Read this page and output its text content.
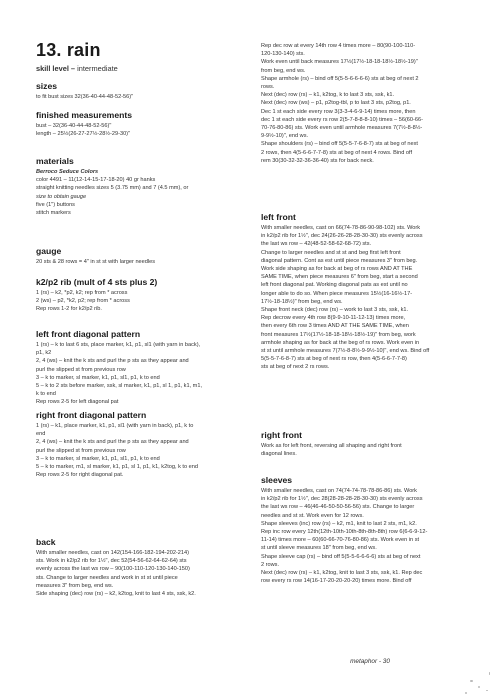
13. rain
skill level – intermediate
sizes
to fit bust sizes 32(36-40-44-48-52-56)"
finished measurements
bust – 32(36-40-44-48-52-56)"
length – 25½(26-27-27½-28½-29-30)"
materials
Berroco Seduce Colors
color 4491 – 11(12-14-15-17-18-20) 40 gr hanks
straight knitting needles sizes 5 (3.75 mm) and 7 (4.5 mm), or
size to obtain gauge
five (1") buttons
stitch markers
gauge
20 sts & 28 rows = 4" in st st with larger needles
k2/p2 rib (mult of 4 sts plus 2)
1 (rs) – k2, *p2, k2; rep from * across
2 (ws) – p2, *k2, p2; rep from * across
Rep rows 1-2 for k2/p2 rib.
left front diagonal pattern
1 (rs) – k to last 6 sts, place marker, k1, p1, sl1 (with yarn in back),
p1, k2
2, 4 (ws) – knit the k sts and purl the p sts as they appear and
purl the slipped st from previous row
3 – k to marker, sl marker, k1, p1, sl1, p1, k to end
5 – k to 2 sts before marker, ssk, sl marker, k1, p1, sl 1, p1, k1, m1,
k to end
Rep rows 2-5 for left diagonal pat
right front diagonal pattern
1 (rs) – k1, place marker, k1, p1, sl1 (with yarn in back), p1, k to
end
2, 4 (ws) – knit the k sts and purl the p sts as they appear and
purl the slipped st from previous row
3 – k to marker, sl marker, k1, p1, sl1, p1, k to end
5 – k to marker, m1, sl marker, k1, p1, sl 1, p1, k1, k2tog, k to end
Rep rows 2-5 for right diagonal pat.
back
With smaller needles, cast on 142(154-166-182-194-202-214)
sts. Work in k2/p2 rib for 1½", dec 52(54-56-62-64-62-64) sts
evenly across the last ws row – 90(100-110-120-130-140-150)
sts. Change to larger needles and work in st st until piece
measures 3" from beg, end ws.
Side shaping (dec) row (rs) – k2, k2tog, knit to last 4 sts, ssk, k2.
Rep dec row at every 14th row 4 times more – 80(90-100-110-
120-130-140) sts.
Work even until back measures 17½(17½-18-18-18½-18½-19)"
from beg, end ws.
Shape armhole (rs) – bind off 5(5-5-6-6-6-6) sts at beg of next 2
rows.
Next (dec) row (rs) – k1, k2tog, k to last 3 sts, ssk, k1.
Next (dec) row (ws) – p1, p2tog-tbl, p to last 3 sts, p2tog, p1.
Dec 1 st each side every row 3(3-3-4-6-9-14) times more, then
dec 1 st each side every rs row 2(5-7-8-8-8-10) times – 56(60-66-
70-76-80-86) sts. Work even until armhole measures 7(7½-8-8½-
9-9½-10)", end ws.
Shape shoulders (rs) – bind off 5(5-5-7-6-8-7) sts at beg of next
2 rows, then 4(5-6-6-7-7-8) sts at beg of next 4 rows. Bind off
rem 30(30-32-32-36-36-40) sts for back neck.
left front
With smaller needles, cast on 66(74-78-86-90-98-102) sts. Work
in k2/p2 rib for 1½", dec 24(26-26-28-28-30-30) sts evenly across
the last ws row – 42(48-52-58-62-68-72) sts.
Change to larger needles and st st and beg first left front
diagonal pattern. Cont as est until piece measures 3" from beg.
Work side shaping as for back at beg of rs rows AND AT THE
SAME TIME, when piece measures 6" from beg, start a second
left front diagonal pat. Working diagonal pats as est until no
longer able to do so. When piece measures 15½(16-16½-17-
17½-18-18½)" from beg, end ws.
Shape front neck (dec) row (rs) – work to last 3 sts, ssk, k1.
Rep decrow every 4th row 8(9-9-10-11-12-13) times more,
then every 6th row 3 times AND AT THE SAME TIME, when
front measures 17½(17½-18-18-18½-18½-19)" from beg, work
armhole shaping as for back at the beg of rs rows. Work even in
st st until armhole measures 7(7½-8-8½-9-9½-10)", end ws. Bind off
5(5-5-7-6-8-7) sts at beg of next rs row, then 4(5-6-6-7-7-8)
sts at beg of next 2 rs rows.
right front
Work as for left front, reversing all shaping and right front
diagonal lines.
sleeves
With smaller needles, cast on 74(74-74-78-78-86-86) sts. Work
in k2/p2 rib for 1½", dec 28(28-28-28-28-30-30) sts evenly across
the last ws row – 46(46-46-50-50-56-56) sts. Change to larger
needles and st st. Work even for 12 rows.
Shape sleeves (inc) row (rs) – k2, m1, knit to last 2 sts, m1, k2.
Rep inc row every 12th(12th-10th-10th-8th-8th-8th) row 6(6-6-9-12-
11-14) times more – 60(60-66-70-76-80-86) sts. Work even in st
st until sleeve measures 18" from beg, end ws.
Shape sleeve cap (rs) – bind off 5(5-5-6-6-6-6) sts at beg of next
2 rows.
Next (dec) row (rs) – k1, k2tog, knit to last 3 sts, ssk, k1. Rep dec
row every rs row 14(16-17-20-20-20-20) times more. Bind off
metaphor - 30
